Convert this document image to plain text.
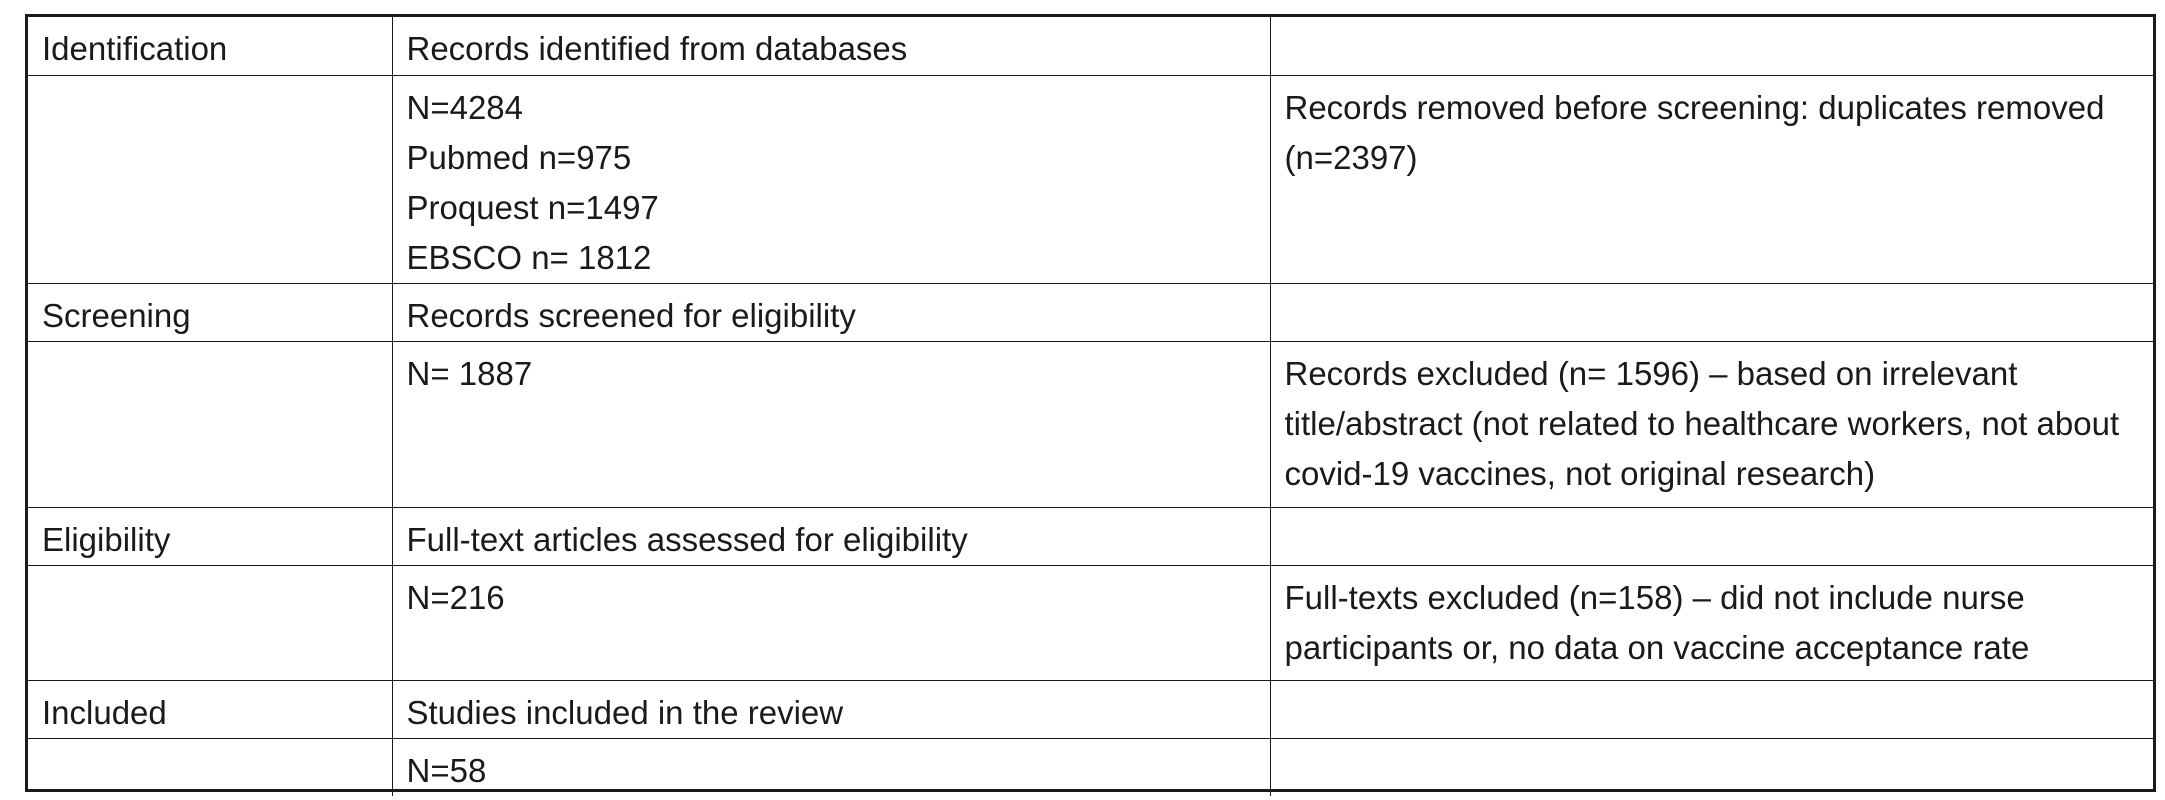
Identification	Records identified from databases	

	N=4284
Pubmed n=975
Proquest n=1497
EBSCO n= 1812	Records removed before screening: duplicates removed (n=2397)
Screening	Records screened for eligibility	

	N= 1887	Records excluded (n= 1596) – based on irrelevant title/abstract (not related to healthcare workers, not about covid-19 vaccines, not original research)
Eligibility	Full-text articles assessed for eligibility	

	N=216	Full-texts excluded (n=158) – did not include nurse participants or, no data on vaccine acceptance rate
Included	Studies included in the review	

	N=58	
